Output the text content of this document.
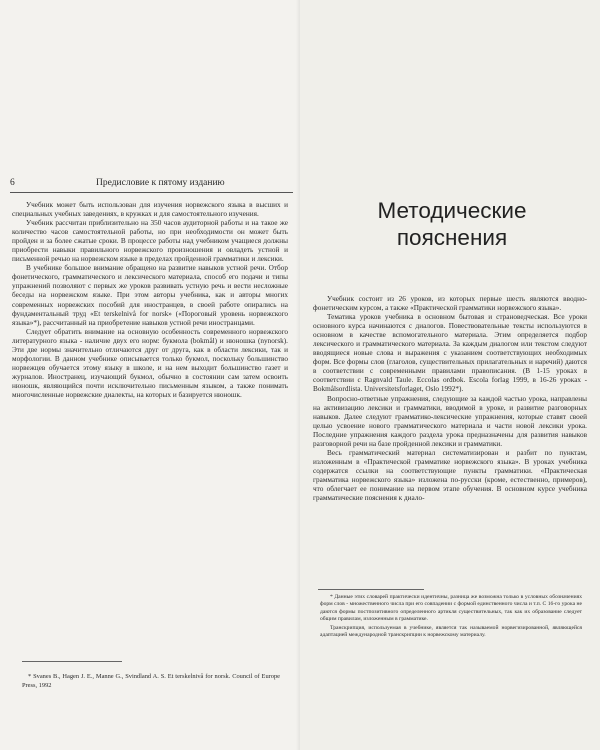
6	Предисловие к пятому изданию

Учебник может быть использован для изучения норвежского языка в высших и специальных учебных заведениях, в кружках и для самостоятельного изучения.

Учебник рассчитан приблизительно на 350 часов аудиторной работы и на такое же количество часов самостоятельной работы, но при необходимости он может быть пройден и за более сжатые сроки. В процессе работы над учебником учащиеся должны приобрести навыки правильного норвежского произношения и овладеть устной и письменной речью на норвежском языке в пределах пройденной грамматики и лексики.

В учебнике большое внимание обращено на развитие навыков устной речи. Отбор фонетического, грамматического и лексического материала, способ его подачи и типы упражнений позволяют с первых же уроков развивать устную речь и вести несложные беседы на норвежском языке. При этом авторы учебника, как и авторы многих современных норвежских пособий для иностранцев, в своей работе опирались на фундаментальный труд «Et terskelnivå for norsk» («Пороговый уровень норвежского языка»*), рассчитанный на приобретение навыков устной речи иностранцами.

Следует обратить внимание на основную особенность современного норвежского литературного языка - наличие двух его норм: букмола (bokmål) и нюношка (nynorsk). Эти две нормы значительно отличаются друг от друга, как в области лексики, так и морфологии. В данном учебнике описывается только букмол, поскольку большинство норвежцев обучается этому языку в школе, и на нем выходит большинство газет и журналов. Иностранец, изучающий букмол, обычно в состоянии сам затем освоить нюношк, являющийся почти исключительно письменным языком, а также понимать многочисленные норвежские диалекты, на которых и базируется нюношк.

* Svanes B., Hagen J. E., Manne G., Svindland A. S. Et terskelnivå for norsk. Council of Europe Press, 1992

Методические пояснения

Учебник состоит из 26 уроков, из которых первые шесть являются вводно-фонетическим курсом, а также «Практической грамматики норвежского языка».

Тематика уроков учебника в основном бытовая и страноведческая. Все уроки основного курса начинаются с диалогов. Повествовательные тексты используются в основном в качестве вспомогательного материала. Этим определяется подбор лексического и грамматического материала. За каждым диалогом или текстом следуют вводящиеся новые слова и выражения с указанием соответствующих необходимых форм. Все формы слов (глаголов, существительных прилагательных и наречий) даются в соответствии с современными правилами правописания. (В 1-15 уроках в соответствии с Ragnvald Taule. Eccolas ordbok. Escola forlag 1999, в 16-26 уроках - Bokmålsordlista. Universitetsforlaget, Oslo 1992*).

Вопросно-ответные упражнения, следующие за каждой частью урока, направлены на активизацию лексики и грамматики, вводимой в уроке, и развитие разговорных навыков. Далее следуют грамматико-лексические упражнения, которые ставят своей целью усвоение нового грамматического материала и части новой лексики урока. Последние упражнения каждого раздела урока предназначены для развития навыков разговорной речи на базе пройденной лексики и грамматики.

Весь грамматический материал систематизирован и разбит по пунктам, изложенным в «Практической грамматике норвежского языка». В уроках учебника содержатся ссылки на соответствующие пункты грамматики. «Практическая грамматика норвежского языка» изложена по-русски (кроме, естественно, примеров), что облегчает ее понимание на первом этапе обучения. В основном курсе учебника грамматические пояснения к диало-

* Данные этих словарей практически идентичны, разница же возможна только в условных обозначениях форм слов - множественного числа при его совпадении с формой единственного числа и т.п. С 16-го урока не даются формы постпозитивного определенного артикля существительных, так как их образование следует общим правилам, изложенным в грамматике.

Транскрипция, используемая в учебнике, является так называемой норвегизированной, являющейся адаптацией международной транскрипции к норвежскому материалу.
